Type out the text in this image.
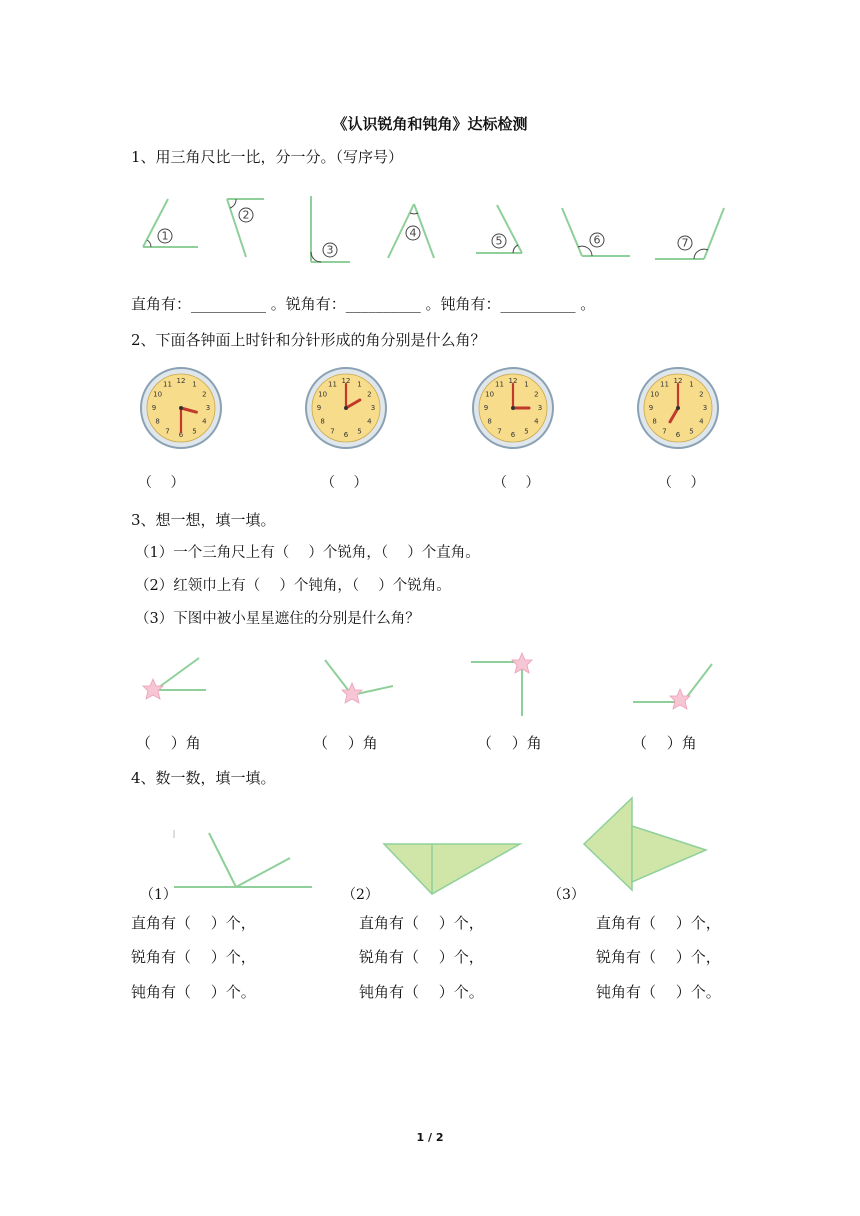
《认识锐角和钝角》达标检测
1、用三角尺比一比，分一分。（写序号）
1
2
3
4
5	6	7
直角有：__________ 。锐角有：__________ 。钝角有：__________ 。
2、下面各钟面上时针和分针形成的角分别是什么角？
12 1
2
3
4
5
6
7
8
9
10
11	12 1
2
3
4
5
6
7
8
9
10
11	12 1
2
3
4
5
6
7
8
9
10
11	12 1
2
3
4
5
6
7
8
9
10
11
（　 ）	（　 ）	（　 ）	（　 ）
3、想一想，填一填。
（1）一个三角尺上有（　 ）个锐角，（　 ）个直角。
（2）红领巾上有（　 ）个钝角，（　 ）个锐角。
（3）下图中被小星星遮住的分别是什么角？
（　 ）角	（　 ）角	（　 ）角	（　 ）角
4、数一数，填一填。
（1）	（2）	（3）
直角有（　 ）个，	直角有（　 ）个，	直角有（　 ）个，
锐角有（　 ）个，	锐角有（　 ）个，	锐角有（　 ）个，
钝角有（　 ）个。	钝角有（　 ）个。	钝角有（　 ）个。
1 / 2
